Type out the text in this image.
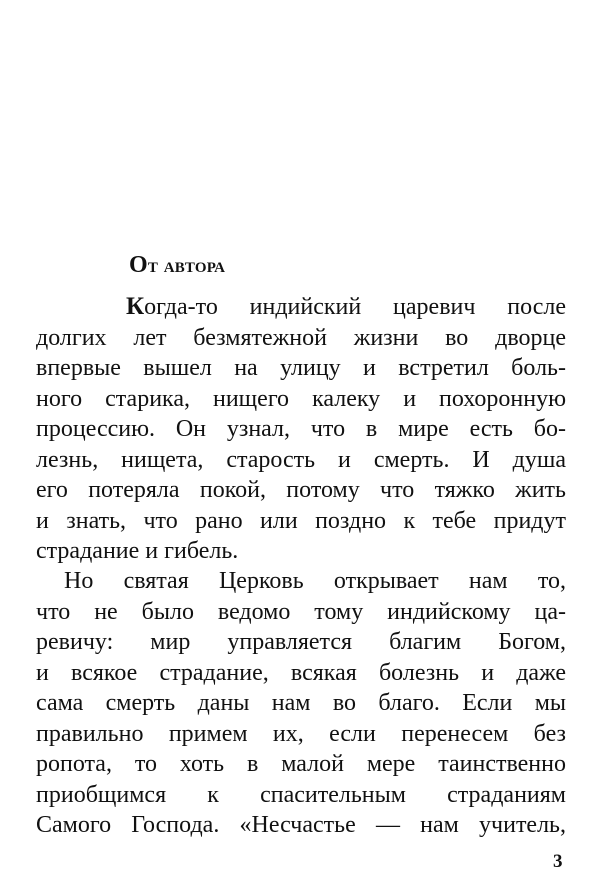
От автора
Когда-то индийский царевич после
долгих лет безмятежной жизни во дворце
впервые вышел на улицу и встретил боль-
ного старика, нищего калеку и похоронную
процессию. Он узнал, что в мире есть бо-
лезнь, нищета, старость и смерть. И душа
его потеряла покой, потому что тяжко жить
и знать, что рано или поздно к тебе придут
страдание и гибель.
Но святая Церковь открывает нам то,
что не было ведомо тому индийскому ца-
ревичу: мир управляется благим Богом,
и всякое страдание, всякая болезнь и даже
сама смерть даны нам во благо. Если мы
правильно примем их, если перенесем без
ропота, то хоть в малой мере таинственно
приобщимся к спасительным страданиям
Самого Господа. «Несчастье — нам учитель,
3
